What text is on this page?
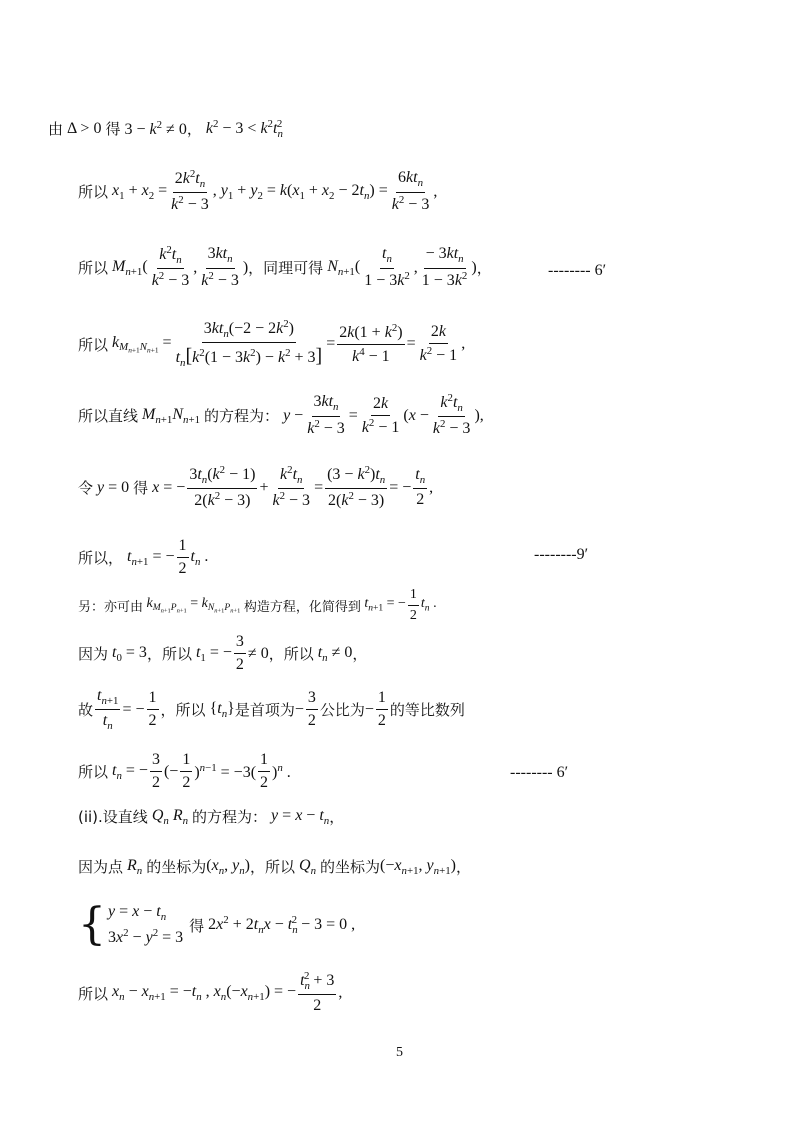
由 Δ > 0 得 $3 - k^2 \ne 0$ ， $k^2 - 3 < k^2t_n^2$
所以 $x_1 + x_2 = \frac{2k^2t_n}{k^2 - 3}$ , $y_1 + y_2 = k(x_1 + x_2 - 2t_n) = \frac{6kt_n}{k^2 - 3}$ ,
所以 $M_{n+1}( \frac{k^2t_n}{k^2 - 3}$ , $\frac{3kt_n}{k^2 - 3}$ ) ，同理可得 $N_{n+1}( \frac{t_n}{1 - 3k^2}$ , $\frac{- 3kt_n}{1 - 3k^2}$ ) ，	-------- 6′
所以 $k_{M_{n+1}N_{n+1}} = \frac{3kt_n(-2 - 2k^2)}{t_n[k^2(1 - 3k^2) - k^2 + 3]} = \frac{2k(1 + k^2)}{k^4 - 1} = \frac{2k}{k^2 - 1}$ ,
所以直线 $M_{n+1}N_{n+1}$ 的方程为： $y - \frac{3kt_n}{k^2 - 3} = \frac{2k}{k^2 - 1} (x - \frac{k^2t_n}{k^2 - 3}$ ),
令 y = 0 得 x = − $\frac{3t_n(k^2 - 1)}{2(k^2 - 3)} + \frac{k^2t_n}{k^2 - 3} = \frac{(3 - k^2)t_n}{2(k^2 - 3)}$ = − $\frac{t_n}{2}$ ,
所以， $t_{n+1}$ = − $\frac{1}{2} t_n$ .	--------9′
另：亦可由 $k_{M_{n+1}P_{n+1}} = k_{N_{n+1}P_{n+1}}$ 构造方程，化简得到 $t_{n+1}$ = − $\frac{1}{2} t_n$ .
因为 $t_0 = 3$ ， 所以 $t_1$ = − $\frac{3}{2} \ne 0$ ， 所以 $t_n \ne 0$ ，
故 $\frac{t_{n+1}}{t_n}$ = − $\frac{1}{2}$ ， 所以 $\{t_n\}$ 是首项为 − $\frac{3}{2}$ 公比为 − $\frac{1}{2}$ 的等比数列
所以 $t_n$ = − $\frac{3}{2}$ (− $\frac{1}{2} )^{n-1} = -3( \frac{1}{2} )^n$ .	-------- 6′
(ii).设直线 $Q_n$ $R_n$ 的方程为： $y = x - t_n$ ，
因为点 $R_n$ 的坐标为 ($x_n$, $y_n$) ，所以 $Q_n$ 的坐标为 ($-x_{n+1}$, $y_{n+1}$) ，
{ $y = x - t_n$
$3x^2 - y^2 = 3$
得 $2x^2 + 2t_nx - t_n^2 - 3 = 0$ ,
所以 $x_n - x_{n+1} = -t_n$ , $x_n(-x_{n+1})$ = − $\frac{t_n^2 + 3}{2}$ ,
5
